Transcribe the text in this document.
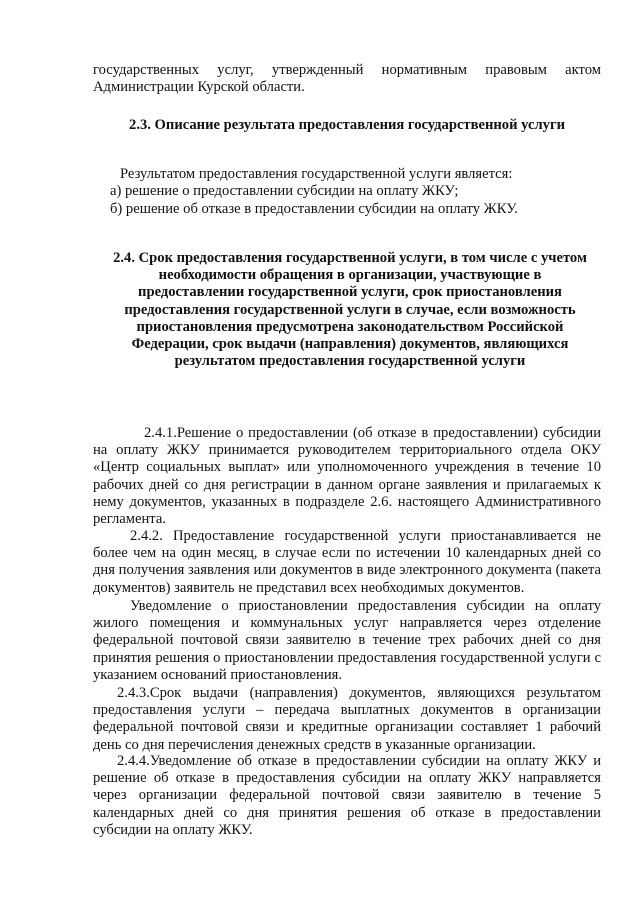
государственных услуг, утвержденный нормативным правовым актом Администрации Курской области.

2.3. Описание результата предоставления государственной услуги

Результатом предоставления государственной услуги является:

а) решение о предоставлении субсидии на оплату ЖКУ;

б) решение об отказе в предоставлении субсидии на оплату ЖКУ.

2.4. Срок предоставления государственной услуги, в том числе с учетом необходимости обращения в организации, участвующие в предоставлении государственной услуги, срок приостановления предоставления государственной услуги в случае, если возможность приостановления предусмотрена законодательством Российской Федерации, срок выдачи (направления) документов, являющихся результатом предоставления государственной услуги

2.4.1.Решение о предоставлении (об отказе в предоставлении) субсидии на оплату ЖКУ принимается руководителем территориального отдела ОКУ «Центр социальных выплат» или уполномоченного учреждения в течение 10 рабочих дней со дня регистрации в данном органе заявления и прилагаемых к нему документов, указанных в подразделе 2.6. настоящего Административного регламента.

2.4.2. Предоставление государственной услуги приостанавливается не более чем на один месяц, в случае если по истечении 10 календарных дней со дня получения заявления или документов в виде электронного документа (пакета документов) заявитель не представил всех необходимых документов.

Уведомление о приостановлении предоставления субсидии на оплату жилого помещения и коммунальных услуг направляется через отделение федеральной почтовой связи заявителю в течение трех рабочих дней со дня принятия решения о приостановлении предоставления государственной услуги с указанием оснований приостановления.

2.4.3.Срок выдачи (направления) документов, являющихся результатом предоставления услуги – передача выплатных документов в организации федеральной почтовой связи и кредитные организации составляет 1 рабочий день со дня перечисления денежных средств в указанные организации.

2.4.4.Уведомление об отказе в предоставлении субсидии на оплату ЖКУ и решение об отказе в предоставления субсидии на оплату ЖКУ направляется через организации федеральной почтовой связи заявителю в течение 5 календарных дней со дня принятия решения об отказе в предоставлении субсидии на оплату ЖКУ.
